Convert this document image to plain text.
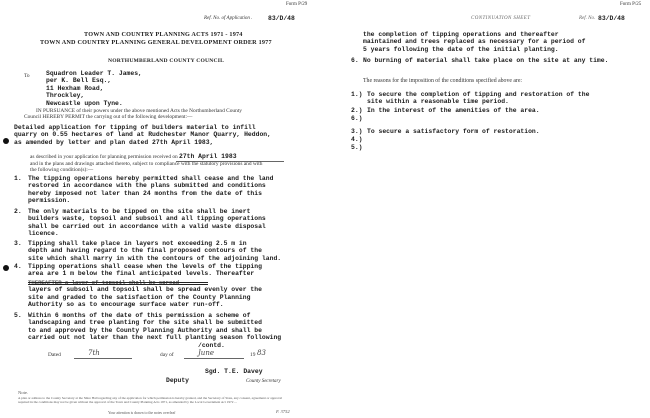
Form P/29
Ref. No. of Application . 83/D/48
TOWN AND COUNTRY PLANNING ACTS 1971 - 1974
TOWN AND COUNTRY PLANNING GENERAL DEVELOPMENT ORDER 1977
NORTHUMBERLAND COUNTY COUNCIL
To	Squadron Leader T. James,
per K. Bell Esq.,
11 Hexham Road,
Throckley,
Newcastle upon Tyne.
IN PURSUANCE of their powers under the above mentioned Acts the Northumberland County
Council HEREBY PERMIT the carrying out of the following development:—
Detailed application for tipping of builders material to infill
quarry on 0.55 hectares of land at Rudchester Manor Quarry, Heddon,
as amended by letter and plan dated 27th April 1983,
as described in your application for planning permission received on 27th April 1983
and in the plans and drawings attached thereto, subject to compliance with the statutory provisions and with
the following condition(s):—
1. The tipping operations hereby permitted shall cease and the land
restored in accordance with the plans submitted and conditions
hereby imposed not later than 24 months from the date of this
permission.
2. The only materials to be tipped on the site shall be inert
builders waste, topsoil and subsoil and all tipping operations
shall be carried out in accordance with a valid waste disposal
licence.
3. Tipping shall take place in layers not exceeding 2.5 m in
depth and having regard to the final proposed contours of the
site which shall marry in with the contours of the adjoining land.
4. Tipping operations shall cease when the levels of the tipping
area are 1 m below the final anticipated levels. Thereafter
THEREAFTER a layer of topsoil shall be spread
layers of subsoil and topsoil shall be spread evenly over the
site and graded to the satisfaction of the County Planning
Authority so as to encourage surface water run-off.
5. Within 6 months of the date of this permission a scheme of
landscaping and tree planting for the site shall be submitted
to and approved by the County Planning Authority and shall be
carried out not later than the next full planting season following
/contd.
Dated	7th	day of	June	19 83
Sgd. T.E. Davey
Deputy	County Secretary
Note.
A plan or address to the County Secretary at the Shire Hall regarding any of the application for which permission is hereby granted, and the Secretary of State, any consent, agreement or approval
required in the conditions may not be given without the approval of the Town and County Planning Acts 1971, as amended by the Local Government Act 1972 ...
Your attention is drawn to the notes overleaf	F. 3752
Form P/25
CONTINUATION SHEET	Ref. No. 83/D/48
the completion of tipping operations and thereafter
maintained and trees replaced as necessary for a period of
5 years following the date of the initial planting.
6. No burning of material shall take place on the site at any time.
The reasons for the imposition of the conditions specified above are:
1.) To secure the completion of tipping and restoration of the
site within a reasonable time period.
2.) In the interest of the amenities of the area.
6.)
3.) To secure a satisfactory form of restoration.
4.)
5.)
